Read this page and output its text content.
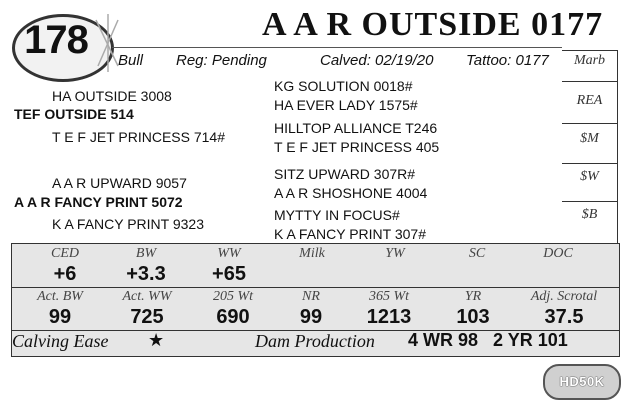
178	A A R OUTSIDE 0177
Bull Reg: Pending	Calved: 02/19/20 Tattoo: 0177	Marb
REA
$M
$W
$B
HA OUTSIDE 3008
TEF OUTSIDE 514
T E F JET PRINCESS 714#
KG SOLUTION 0018#
HA EVER LADY 1575#
HILLTOP ALLIANCE T246
T E F JET PRINCESS 405
A A R UPWARD 9057
A A R FANCY PRINT 5072
K A FANCY PRINT 9323
SITZ UPWARD 307R#
A A R SHOSHONE 4004
MYTTY IN FOCUS#
K A FANCY PRINT 307#
CED	BW	WW	Milk	YW	SC	DOC
+6	+3.3	+65
Act. BW	Act. WW	205 Wt	NR	365 Wt	YR	Adj. Scrotal
99	725	690	99	1213	103	37.5
Calving Ease ★	Dam Production 4 WR 98   2 YR 101
HD50K
